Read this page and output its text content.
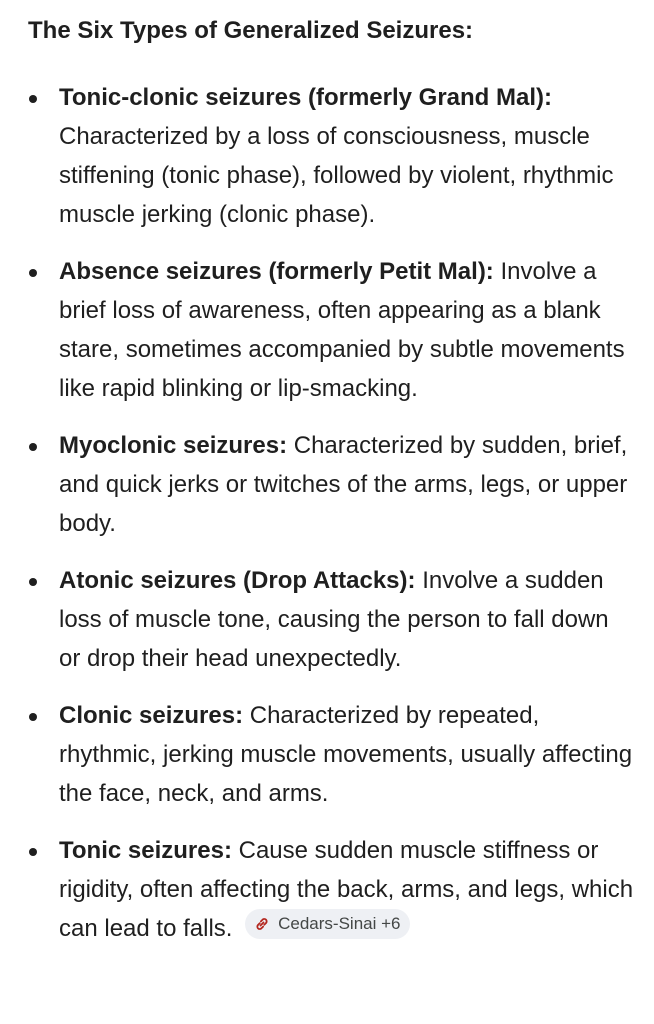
The Six Types of Generalized Seizures:
Tonic-clonic seizures (formerly Grand Mal): Characterized by a loss of consciousness, muscle stiffening (tonic phase), followed by violent, rhythmic muscle jerking (clonic phase).
Absence seizures (formerly Petit Mal): Involve a brief loss of awareness, often appearing as a blank stare, sometimes accompanied by subtle movements like rapid blinking or lip-smacking.
Myoclonic seizures: Characterized by sudden, brief, and quick jerks or twitches of the arms, legs, or upper body.
Atonic seizures (Drop Attacks): Involve a sudden loss of muscle tone, causing the person to fall down or drop their head unexpectedly.
Clonic seizures: Characterized by repeated, rhythmic, jerking muscle movements, usually affecting the face, neck, and arms.
Tonic seizures: Cause sudden muscle stiffness or rigidity, often affecting the back, arms, and legs, which can lead to falls.	Cedars-Sinai +6
